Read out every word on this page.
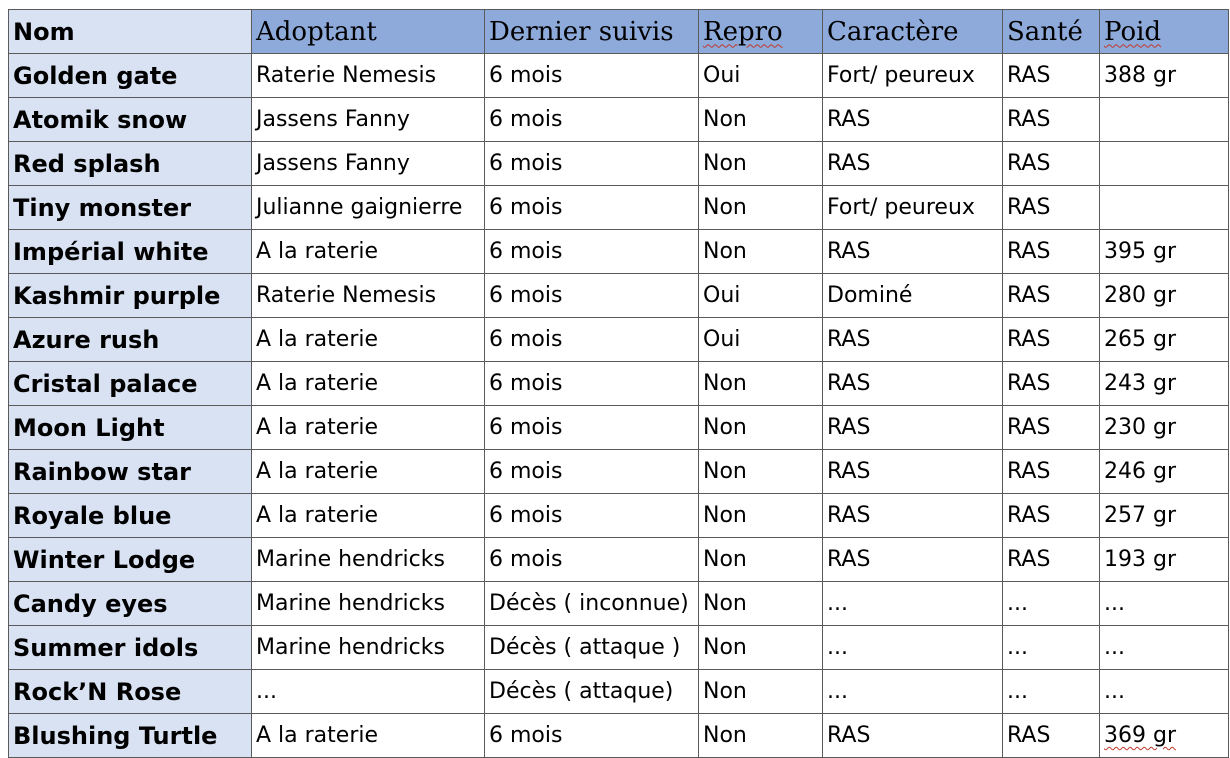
Nom	Adoptant	Dernier suivis	Repro	Caractère	Santé	Poid
Golden gate	Raterie Nemesis	6 mois	Oui	Fort/ peureux	RAS	388 gr
Atomik snow	Jassens Fanny	6 mois	Non	RAS	RAS	
Red splash	Jassens Fanny	6 mois	Non	RAS	RAS	
Tiny monster	Julianne gaignierre	6 mois	Non	Fort/ peureux	RAS	
Impérial white	A la raterie	6 mois	Non	RAS	RAS	395 gr
Kashmir purple	Raterie Nemesis	6 mois	Oui	Dominé	RAS	280 gr
Azure rush	A la raterie	6 mois	Oui	RAS	RAS	265 gr
Cristal palace	A la raterie	6 mois	Non	RAS	RAS	243 gr
Moon Light	A la raterie	6 mois	Non	RAS	RAS	230 gr
Rainbow star	A la raterie	6 mois	Non	RAS	RAS	246 gr
Royale blue	A la raterie	6 mois	Non	RAS	RAS	257 gr
Winter Lodge	Marine hendricks	6 mois	Non	RAS	RAS	193 gr
Candy eyes	Marine hendricks	Décès ( inconnue)	Non	...	...	...
Summer idols	Marine hendricks	Décès ( attaque )	Non	...	...	...
Rock’N Rose	...	Décès ( attaque)	Non	...	...	...
Blushing Turtle	A la raterie	6 mois	Non	RAS	RAS	369 gr
